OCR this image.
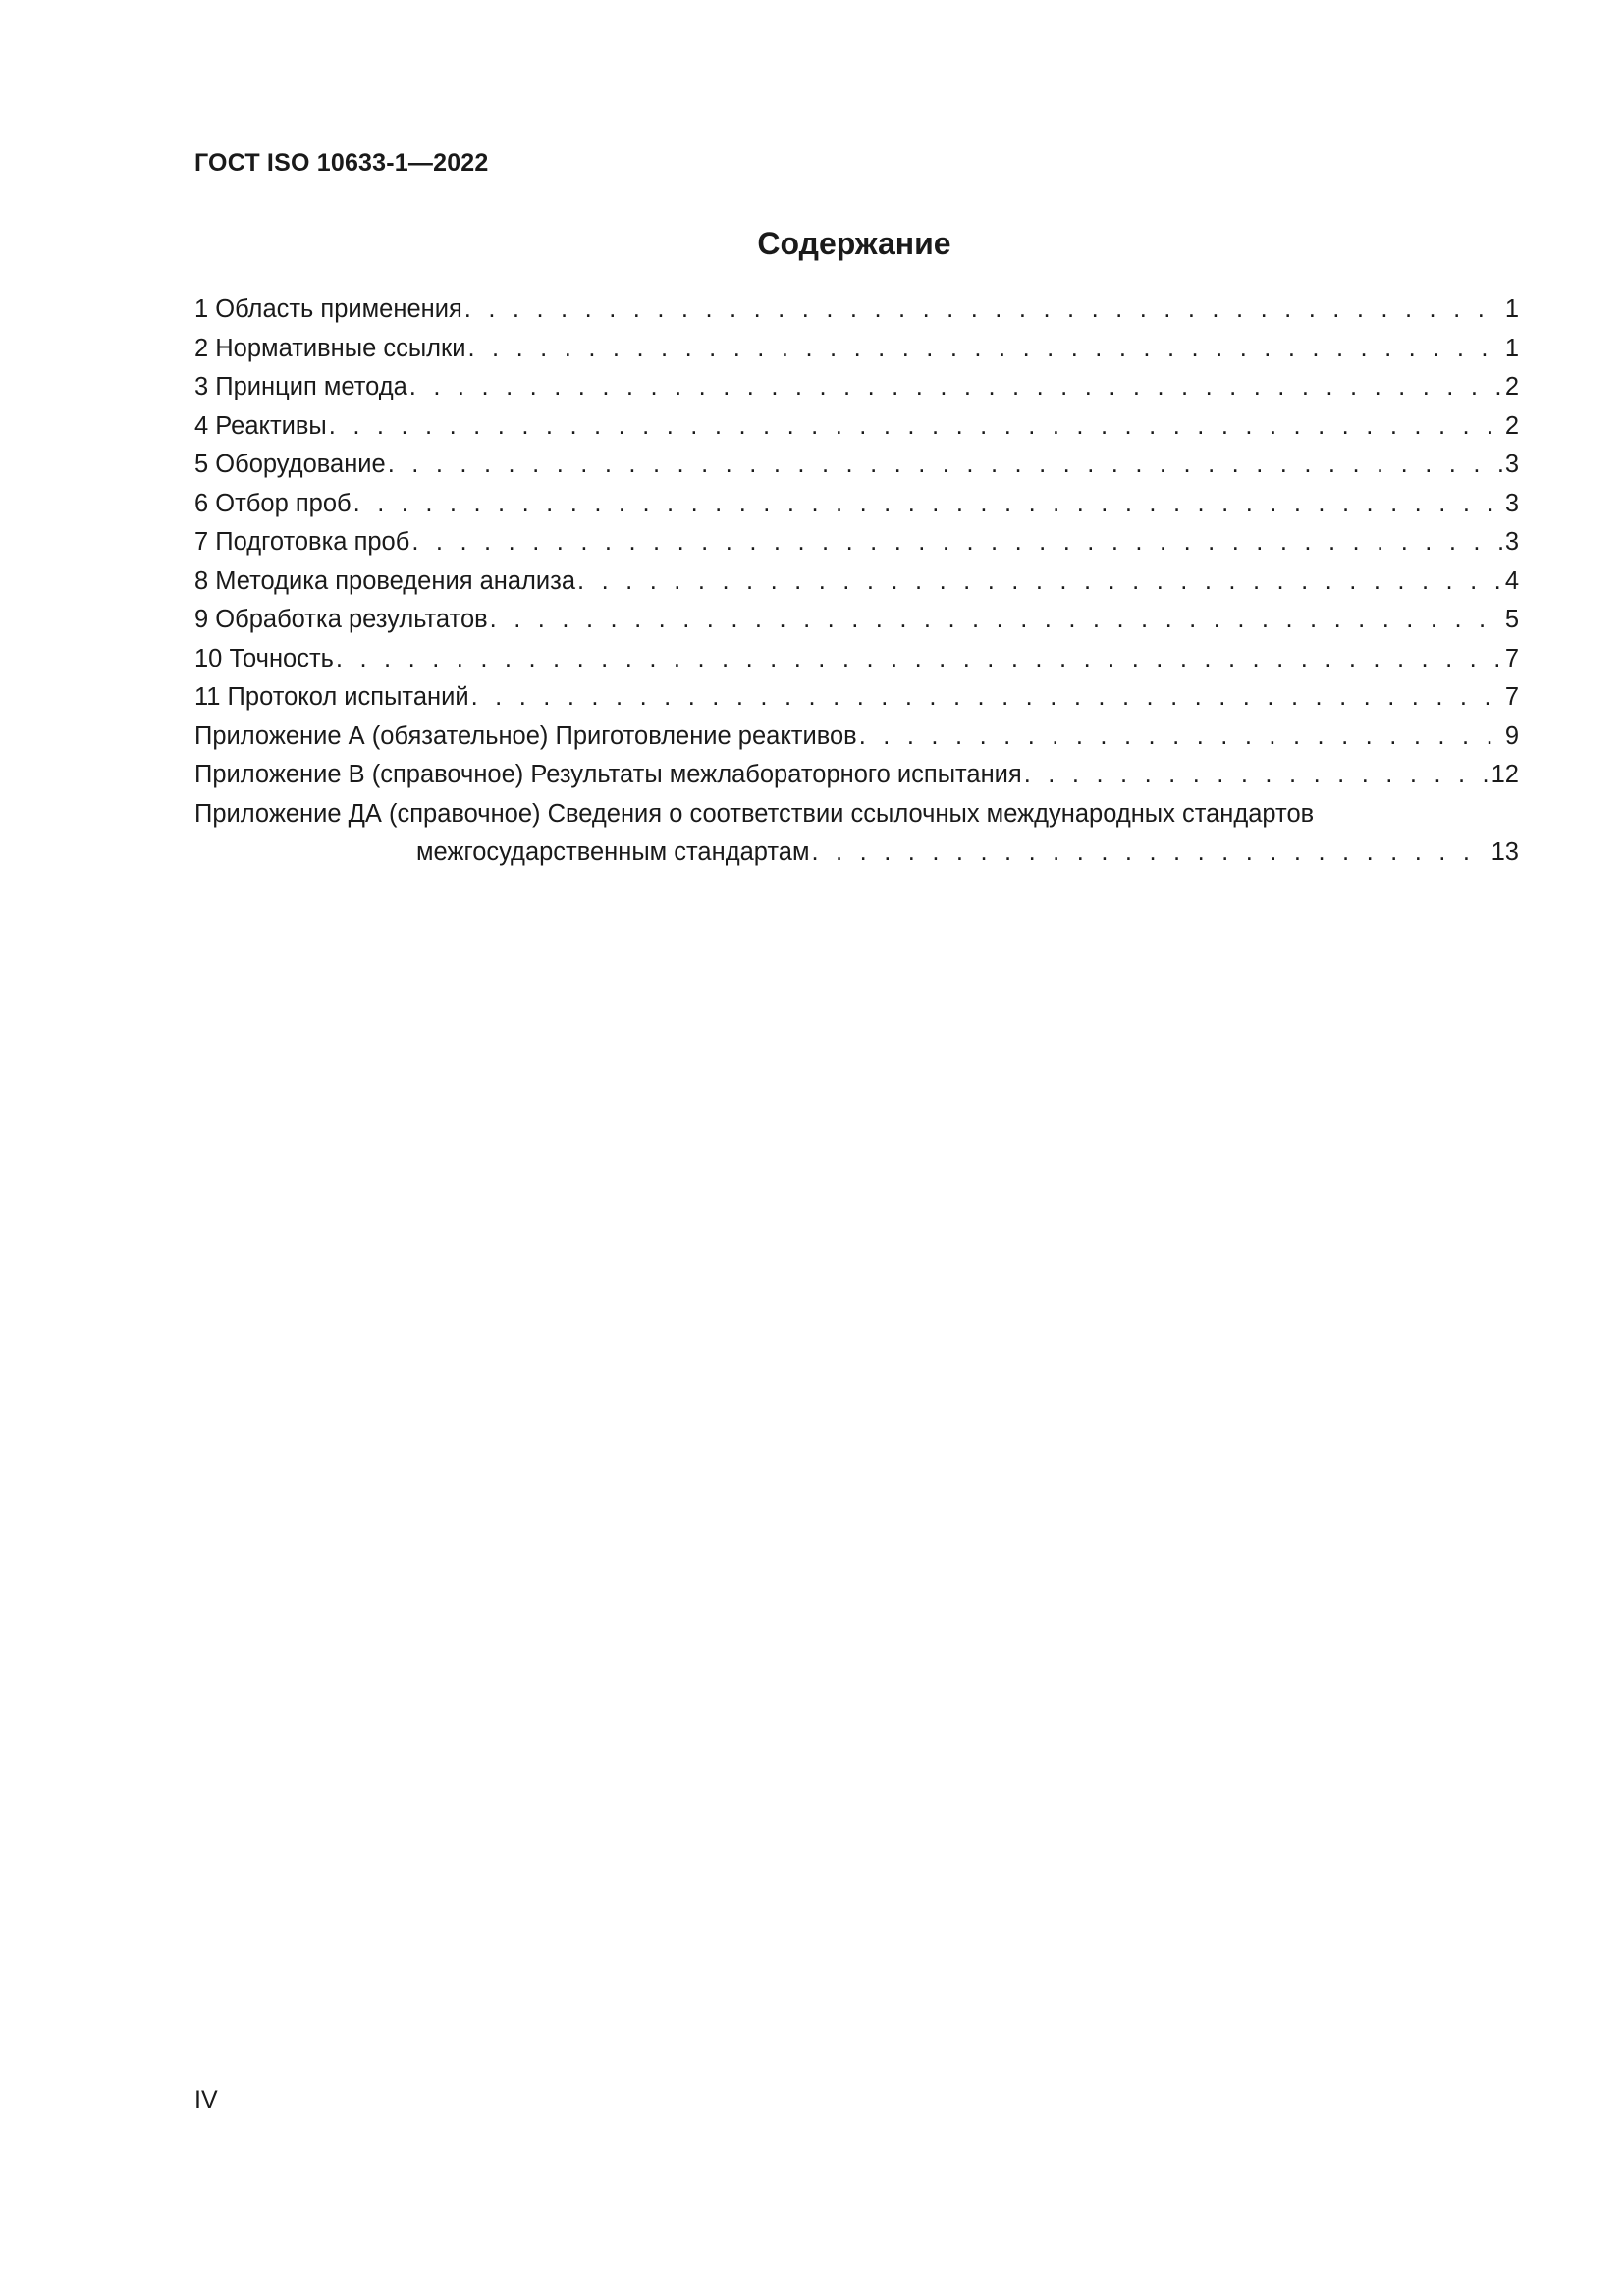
ГОСТ ISO 10633-1—2022
Содержание
1 Область применения . . .	1
2 Нормативные ссылки . . .	1
3 Принцип метода . . .	2
4 Реактивы . . .	2
5 Оборудование . . .	3
6 Отбор проб . . .	3
7 Подготовка проб . . .	3
8 Методика проведения анализа . . .	4
9 Обработка результатов . . .	5
10 Точность . . .	7
11 Протокол испытаний . . .	7
Приложение А (обязательное) Приготовление реактивов . . .	9
Приложение В (справочное) Результаты межлабораторного испытания . . .	12
Приложение ДА (справочное) Сведения о соответствии ссылочных международных стандартов
межгосударственным стандартам . . .	13
IV
